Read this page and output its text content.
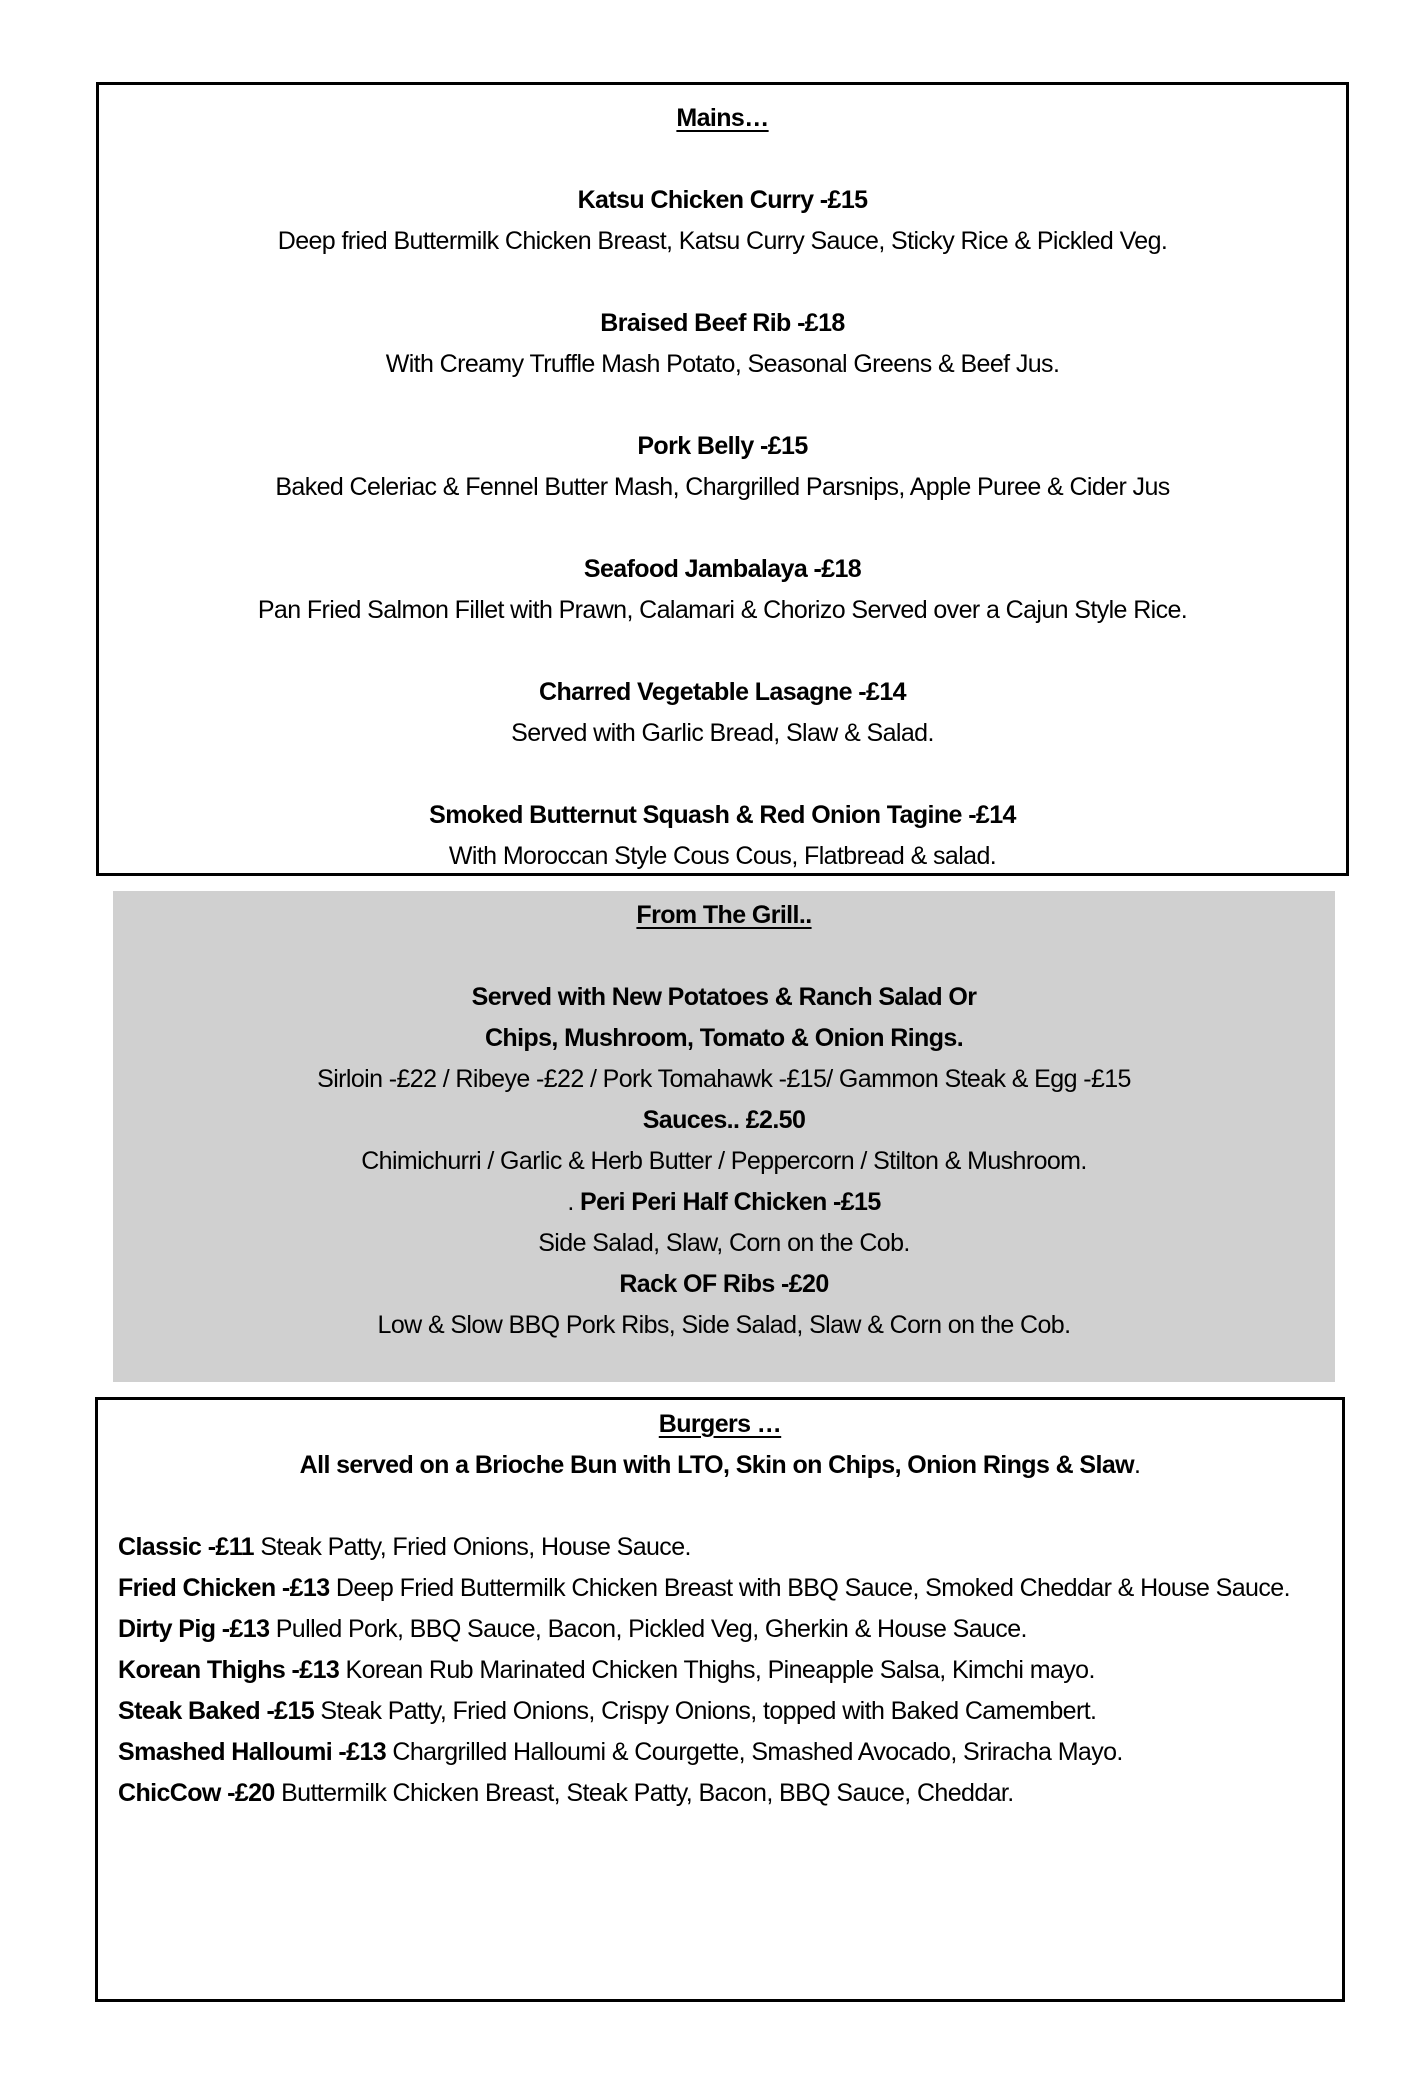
Mains…
Katsu Chicken Curry -£15
Deep fried Buttermilk Chicken Breast, Katsu Curry Sauce, Sticky Rice & Pickled Veg.
Braised Beef Rib -£18
With Creamy Truffle Mash Potato, Seasonal Greens & Beef Jus.
Pork Belly -£15
Baked Celeriac & Fennel Butter Mash, Chargrilled Parsnips, Apple Puree & Cider Jus
Seafood Jambalaya -£18
Pan Fried Salmon Fillet with Prawn, Calamari & Chorizo Served over a Cajun Style Rice.
Charred Vegetable Lasagne -£14
Served with Garlic Bread, Slaw & Salad.
Smoked Butternut Squash & Red Onion Tagine -£14
With Moroccan Style Cous Cous, Flatbread & salad.
From The Grill..
Served with New Potatoes & Ranch Salad Or
Chips, Mushroom, Tomato & Onion Rings.
Sirloin -£22 / Ribeye -£22 / Pork Tomahawk -£15/ Gammon Steak & Egg -£15
Sauces.. £2.50
Chimichurri / Garlic & Herb Butter / Peppercorn / Stilton & Mushroom.
. Peri Peri Half Chicken -£15
Side Salad, Slaw, Corn on the Cob.
Rack OF Ribs -£20
Low & Slow BBQ Pork Ribs, Side Salad, Slaw & Corn on the Cob.
Burgers …
All served on a Brioche Bun with LTO, Skin on Chips, Onion Rings & Slaw.
Classic -£11 Steak Patty, Fried Onions, House Sauce.
Fried Chicken -£13 Deep Fried Buttermilk Chicken Breast with BBQ Sauce, Smoked Cheddar & House Sauce.
Dirty Pig -£13 Pulled Pork, BBQ Sauce, Bacon, Pickled Veg, Gherkin & House Sauce.
Korean Thighs -£13 Korean Rub Marinated Chicken Thighs, Pineapple Salsa, Kimchi mayo.
Steak Baked -£15 Steak Patty, Fried Onions, Crispy Onions, topped with Baked Camembert.
Smashed Halloumi -£13 Chargrilled Halloumi & Courgette, Smashed Avocado, Sriracha Mayo.
ChicCow -£20 Buttermilk Chicken Breast, Steak Patty, Bacon, BBQ Sauce, Cheddar.
